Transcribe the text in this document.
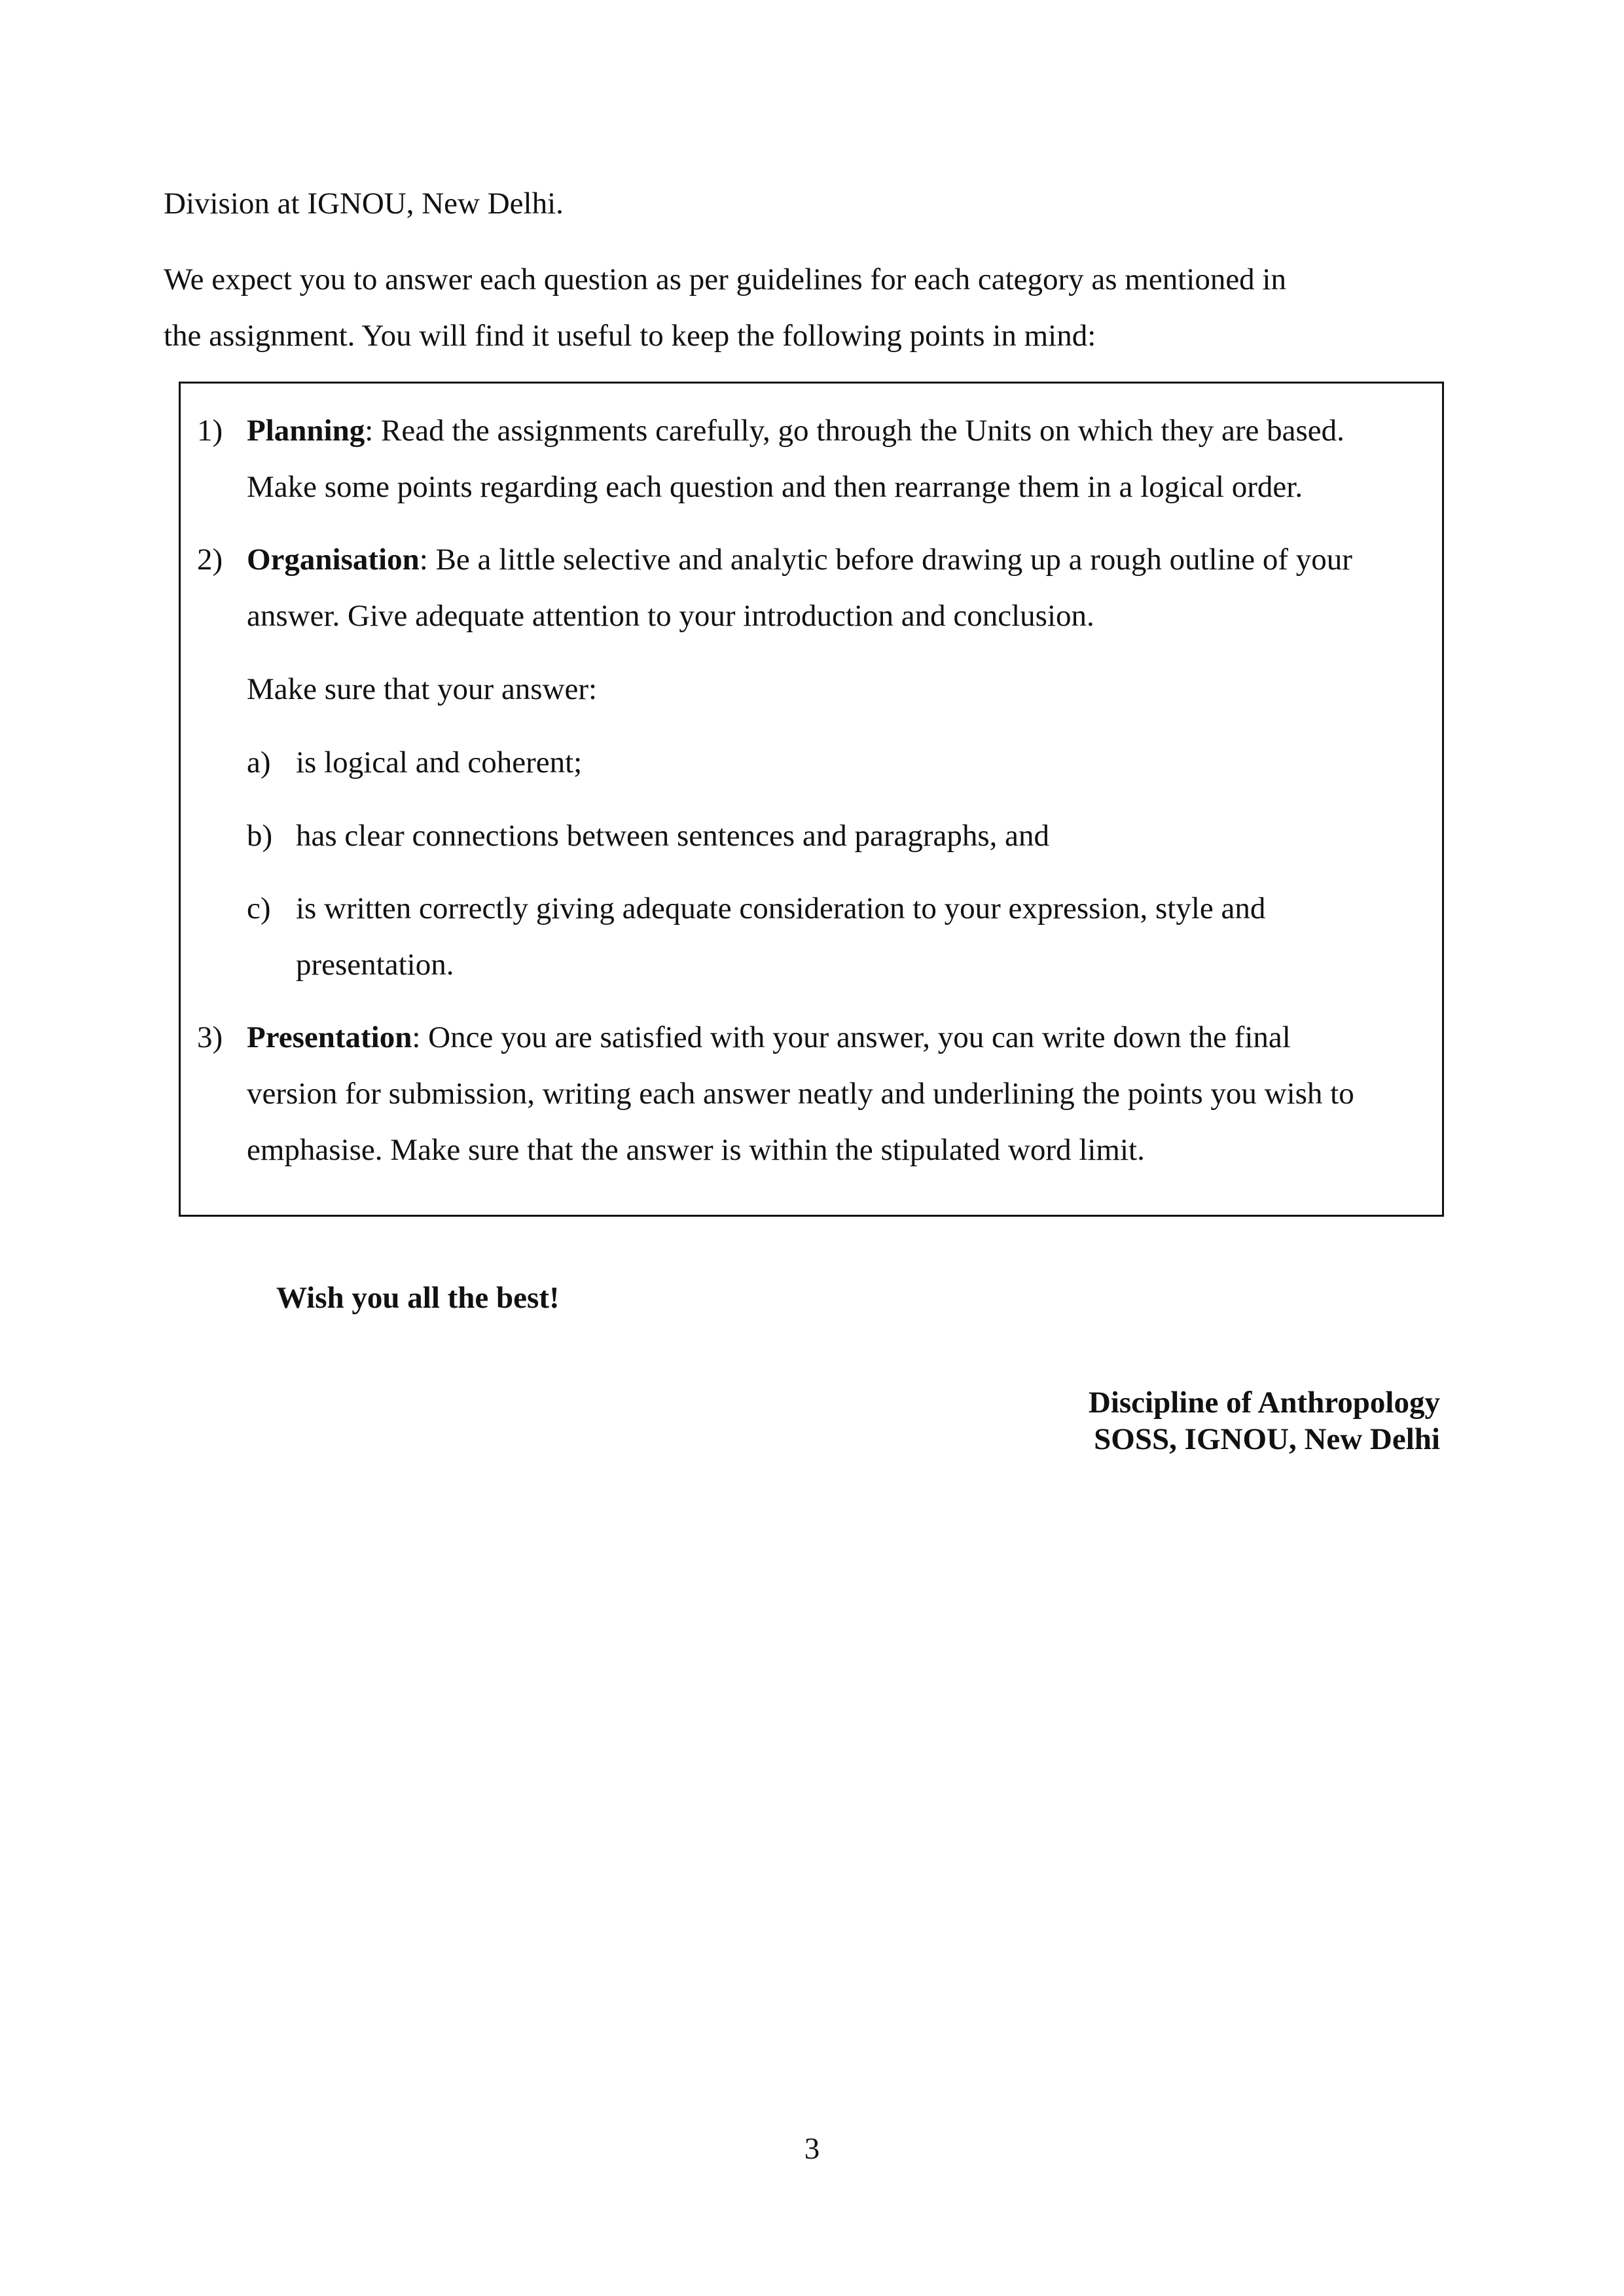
Division at IGNOU, New Delhi.
We expect you to answer each question as per guidelines for each category as mentioned in
the assignment. You will find it useful to keep the following points in mind:
1) Planning: Read the assignments carefully, go through the Units on which they are based.
Make some points regarding each question and then rearrange them in a logical order.
2) Organisation: Be a little selective and analytic before drawing up a rough outline of your
answer. Give adequate attention to your introduction and conclusion.
Make sure that your answer:
a) is logical and coherent;
b) has clear connections between sentences and paragraphs, and
c) is written correctly giving adequate consideration to your expression, style and
presentation.
3) Presentation: Once you are satisfied with your answer, you can write down the final
version for submission, writing each answer neatly and underlining the points you wish to
emphasise. Make sure that the answer is within the stipulated word limit.
Wish you all the best!
Discipline of Anthropology
SOSS, IGNOU, New Delhi
3
